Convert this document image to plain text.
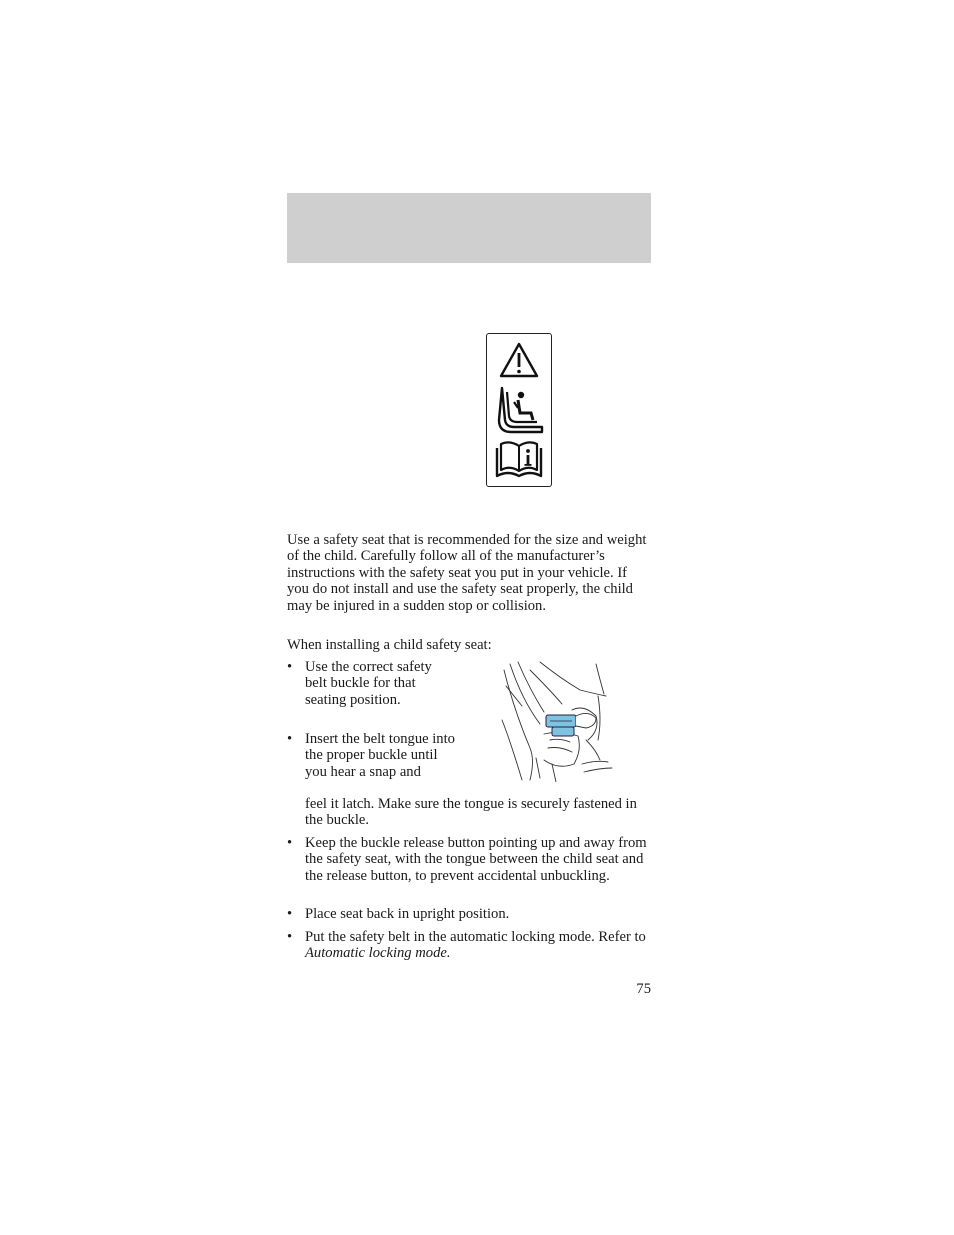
Use a safety seat that is recommended for the size and weight of the child. Carefully follow all of the manufacturer’s instructions with the safety seat you put in your vehicle. If you do not install and use the safety seat properly, the child may be injured in a sudden stop or collision.
When installing a child safety seat:
• Use the correct safety belt buckle for that seating position.
• Insert the belt tongue into the proper buckle until you hear a snap and
feel it latch. Make sure the tongue is securely fastened in the buckle.
• Keep the buckle release button pointing up and away from the safety seat, with the tongue between the child seat and the release button, to prevent accidental unbuckling.
• Place seat back in upright position.
• Put the safety belt in the automatic locking mode. Refer to Automatic locking mode.
75
